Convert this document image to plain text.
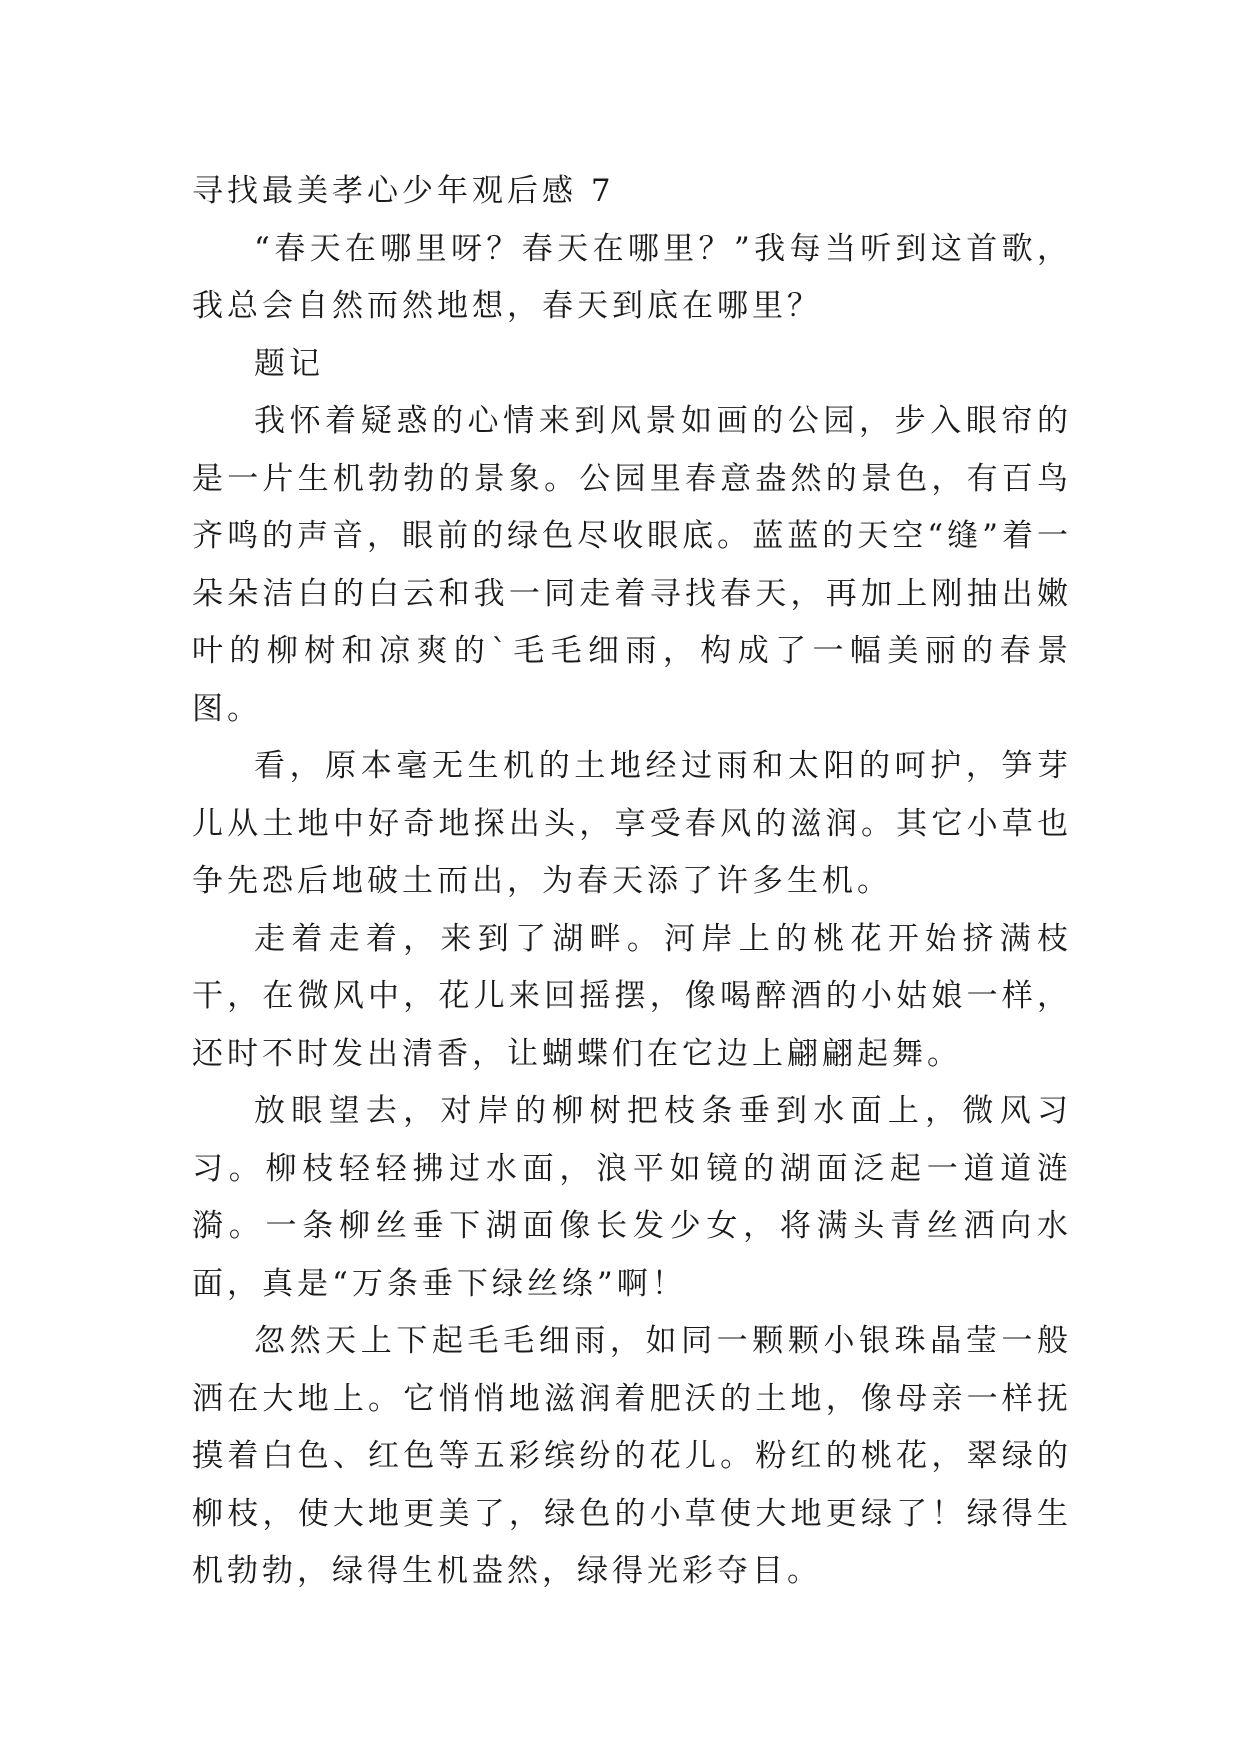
寻找最美孝心少年观后感 7

“春天在哪里呀？春天在哪里？”我每当听到这首歌，我总会自然而然地想，春天到底在哪里？

题记

我怀着疑惑的心情来到风景如画的公园，步入眼帘的是一片生机勃勃的景象。公园里春意盎然的景色，有百鸟齐鸣的声音，眼前的绿色尽收眼底。蓝蓝的天空“缝”着一朵朵洁白的白云和我一同走着寻找春天，再加上刚抽出嫩叶的柳树和凉爽的`毛毛细雨，构成了一幅美丽的春景图。

看，原本毫无生机的土地经过雨和太阳的呵护，笋芽儿从土地中好奇地探出头，享受春风的滋润。其它小草也争先恐后地破土而出，为春天添了许多生机。

走着走着，来到了湖畔。河岸上的桃花开始挤满枝干，在微风中，花儿来回摇摆，像喝醉酒的小姑娘一样，还时不时发出清香，让蝴蝶们在它边上翩翩起舞。

放眼望去，对岸的柳树把枝条垂到水面上，微风习习。柳枝轻轻拂过水面，浪平如镜的湖面泛起一道道涟漪。一条柳丝垂下湖面像长发少女，将满头青丝洒向水面，真是“万条垂下绿丝绦”啊！

忽然天上下起毛毛细雨，如同一颗颗小银珠晶莹一般洒在大地上。它悄悄地滋润着肥沃的土地，像母亲一样抚摸着白色、红色等五彩缤纷的花儿。粉红的桃花，翠绿的柳枝，使大地更美了，绿色的小草使大地更绿了！绿得生机勃勃，绿得生机盎然，绿得光彩夺目。
